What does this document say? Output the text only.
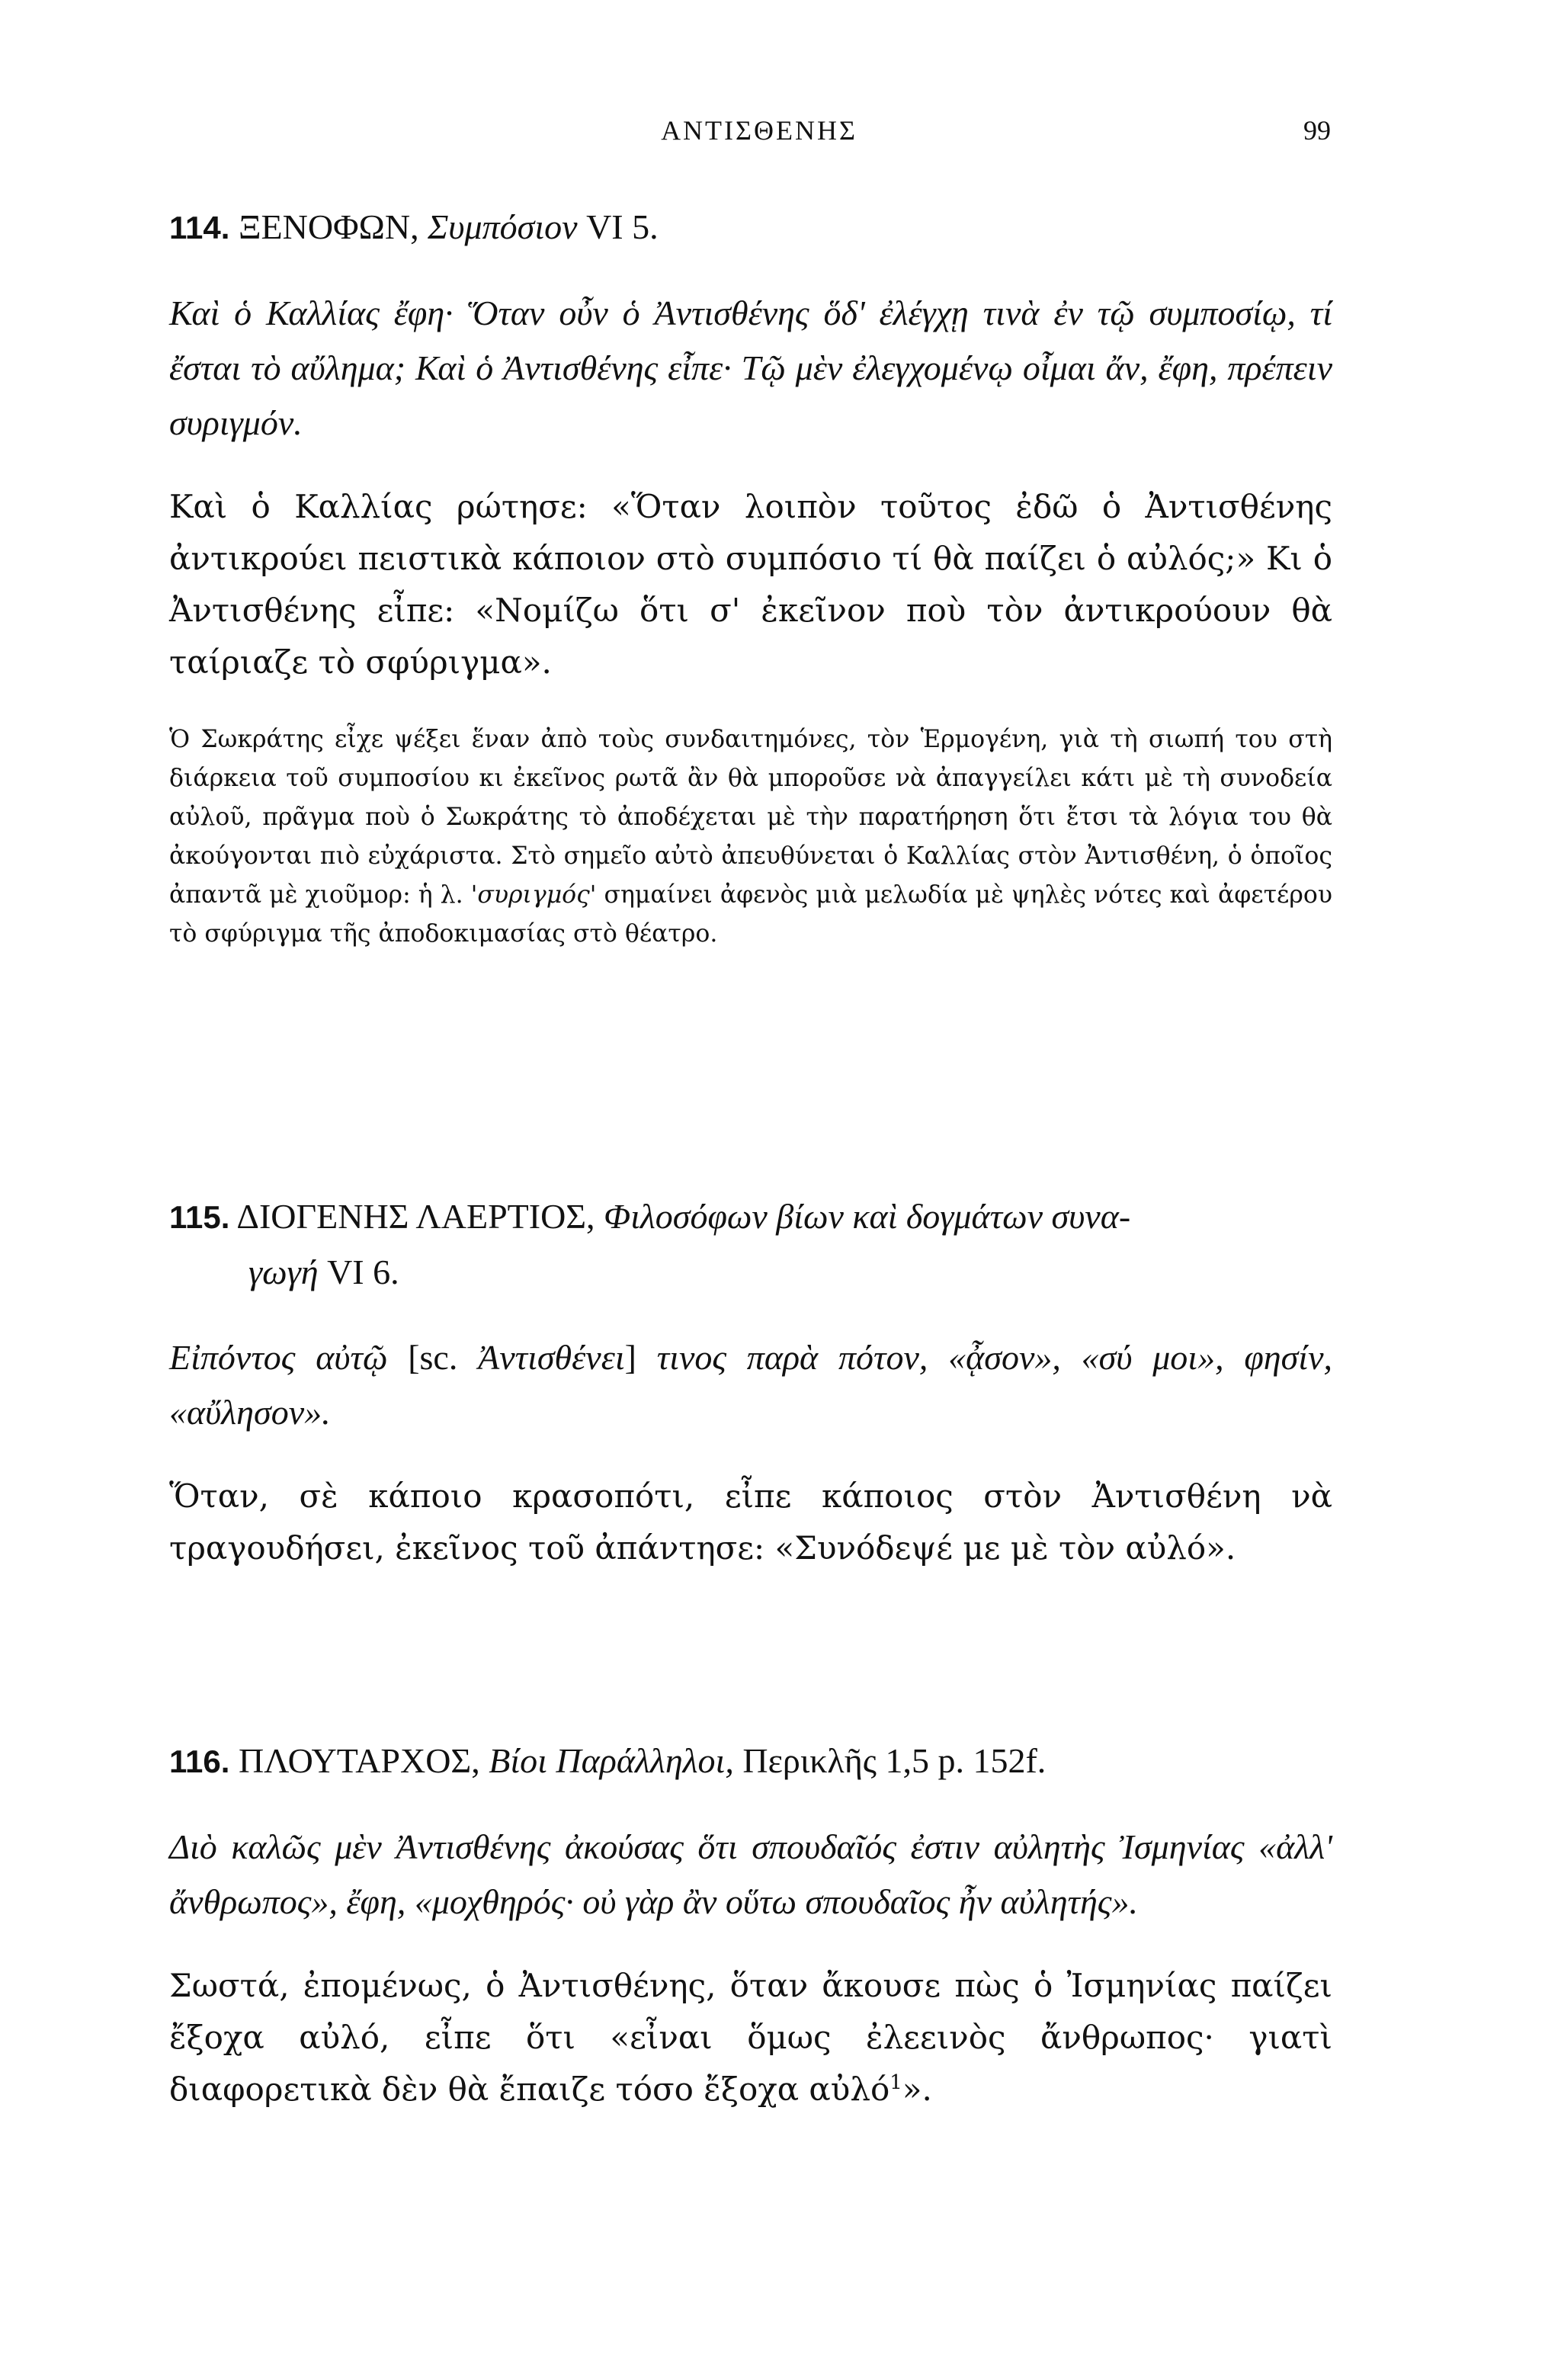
ΑΝΤΙΣΘΕΝΗΣ	99
114. ΞΕΝΟΦΩΝ, Συμπόσιον VI 5.

Καὶ ὁ Καλλίας ἔφη· Ὅταν οὖν ὁ Ἀντισθένης ὅδ' ἐλέγχῃ τινὰ ἐν τῷ συμποσίῳ, τί ἔσται τὸ αὔλημα; Καὶ ὁ Ἀντισθένης εἶπε· Τῷ μὲν ἐλεγχομένῳ οἶμαι ἄν, ἔφη, πρέπειν συριγμόν.

Καὶ ὁ Καλλίας ρώτησε: «Ὅταν λοιπὸν τοῦτος ἐδῶ ὁ Ἀντισθένης ἀντικρούει πειστικὰ κάποιον στὸ συμπόσιο τί θὰ παίζει ὁ αὐλός;» Κι ὁ Ἀντισθένης εἶπε: «Νομίζω ὅτι σ' ἐκεῖνον ποὺ τὸν ἀντικρούουν θὰ ταίριαζε τὸ σφύριγμα».

Ὁ Σωκράτης εἶχε ψέξει ἕναν ἀπὸ τοὺς συνδαιτημόνες, τὸν Ἑρμογένη, γιὰ τὴ σιωπή του στὴ διάρκεια τοῦ συμποσίου κι ἐκεῖνος ρωτᾶ ἂν θὰ μποροῦσε νὰ ἀπαγγείλει κάτι μὲ τὴ συνοδεία αὐλοῦ, πρᾶγμα ποὺ ὁ Σωκράτης τὸ ἀποδέχεται μὲ τὴν παρατήρηση ὅτι ἔτσι τὰ λόγια του θὰ ἀκούγονται πιὸ εὐχάριστα. Στὸ σημεῖο αὐτὸ ἀπευθύνεται ὁ Καλλίας στὸν Ἀντισθένη, ὁ ὁποῖος ἀπαντᾶ μὲ χιοῦμορ: ἡ λ. 'συριγμός' σημαίνει ἀφενὸς μιὰ μελωδία μὲ ψηλὲς νότες καὶ ἀφετέρου τὸ σφύριγμα τῆς ἀποδοκιμασίας στὸ θέατρο.

115. ΔΙΟΓΕΝΗΣ ΛΑΕΡΤΙΟΣ, Φιλοσόφων βίων καὶ δογμάτων συνα-
γωγή VI 6.

Εἰπόντος αὐτῷ [sc. Ἀντισθένει] τινος παρὰ πότον, «ᾆσον», «σύ μοι», φησίν, «αὔλησον».

Ὅταν, σὲ κάποιο κρασοπότι, εἶπε κάποιος στὸν Ἀντισθένη νὰ τραγουδήσει, ἐκεῖνος τοῦ ἀπάντησε: «Συνόδεψέ με μὲ τὸν αὐλό».

116. ΠΛΟΥΤΑΡΧΟΣ, Βίοι Παράλληλοι, Περικλῆς 1,5 p. 152f.

Διὸ καλῶς μὲν Ἀντισθένης ἀκούσας ὅτι σπουδαῖός ἐστιν αὐλητὴς Ἰσμηνίας «ἀλλ' ἄνθρωπος», ἔφη, «μοχθηρός· οὐ γὰρ ἂν οὕτω σπουδαῖος ἦν αὐλητής».

Σωστά, ἐπομένως, ὁ Ἀντισθένης, ὅταν ἄκουσε πὼς ὁ Ἰσμηνίας παίζει ἔξοχα αὐλό, εἶπε ὅτι «εἶναι ὅμως ἐλεεινὸς ἄνθρωπος· γιατὶ διαφορετικὰ δὲν θὰ ἔπαιζε τόσο ἔξοχα αὐλό$^1$».
